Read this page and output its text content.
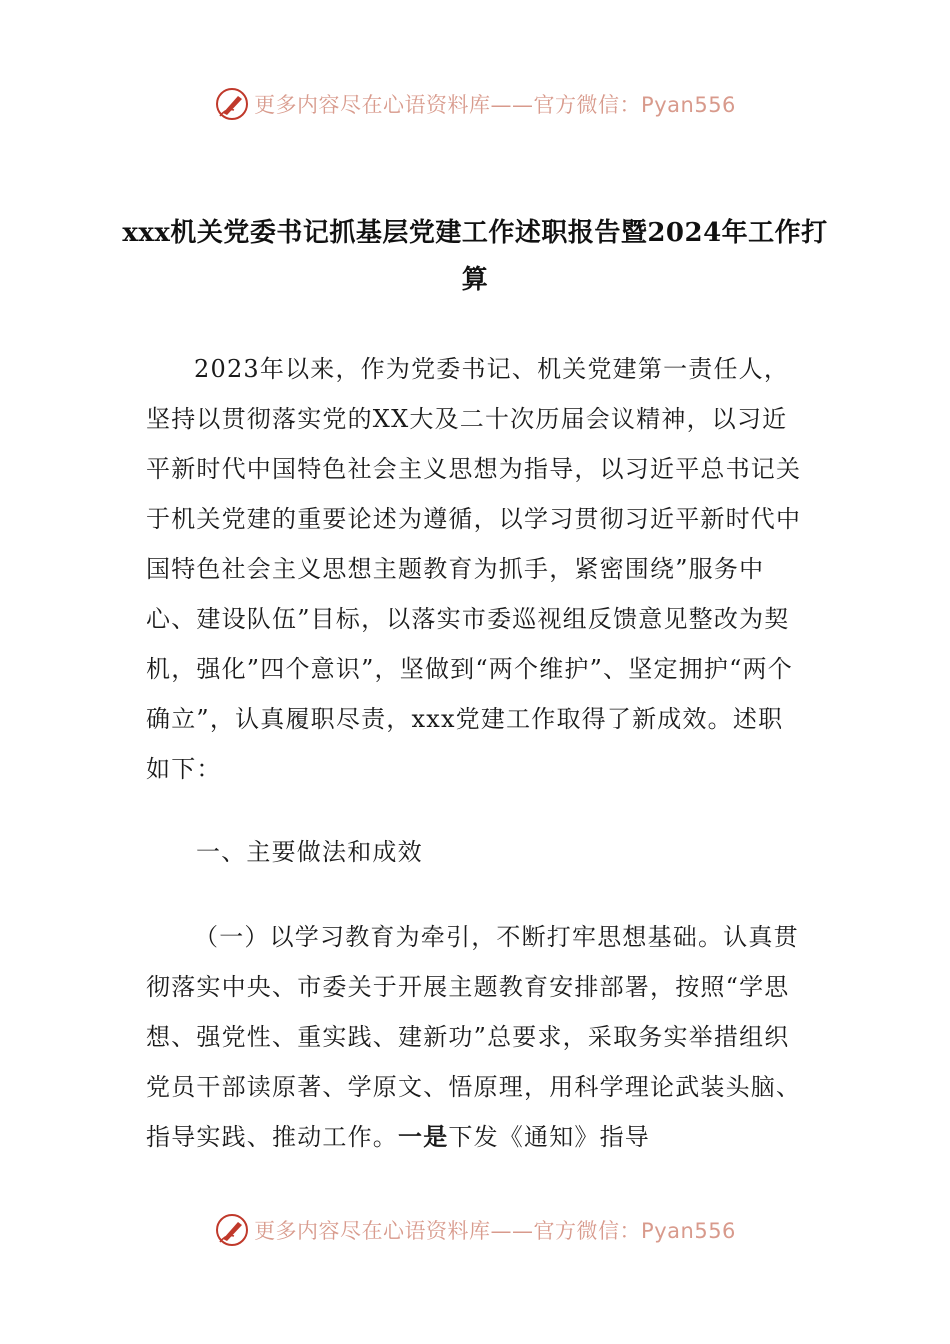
更多内容尽在心语资料库——官方微信：Pyan556
xxx机关党委书记抓基层党建工作述职报告暨2024年工作打算
2023年以来，作为党委书记、机关党建第一责任人，坚持以贯彻落实党的XX大及二十次历届会议精神，以习近平新时代中国特色社会主义思想为指导，以习近平总书记关于机关党建的重要论述为遵循，以学习贯彻习近平新时代中国特色社会主义思想主题教育为抓手，紧密围绕”服务中心、建设队伍”目标，以落实市委巡视组反馈意见整改为契机，强化”四个意识”，坚做到“两个维护”、坚定拥护“两个确立”，认真履职尽责，xxx党建工作取得了新成效。述职如下：
一、主要做法和成效
（一）以学习教育为牵引，不断打牢思想基础。认真贯彻落实中央、市委关于开展主题教育安排部署，按照“学思想、强党性、重实践、建新功”总要求，采取务实举措组织党员干部读原著、学原文、悟原理，用科学理论武装头脑、指导实践、推动工作。一是下发《通知》指导
更多内容尽在心语资料库——官方微信：Pyan556
